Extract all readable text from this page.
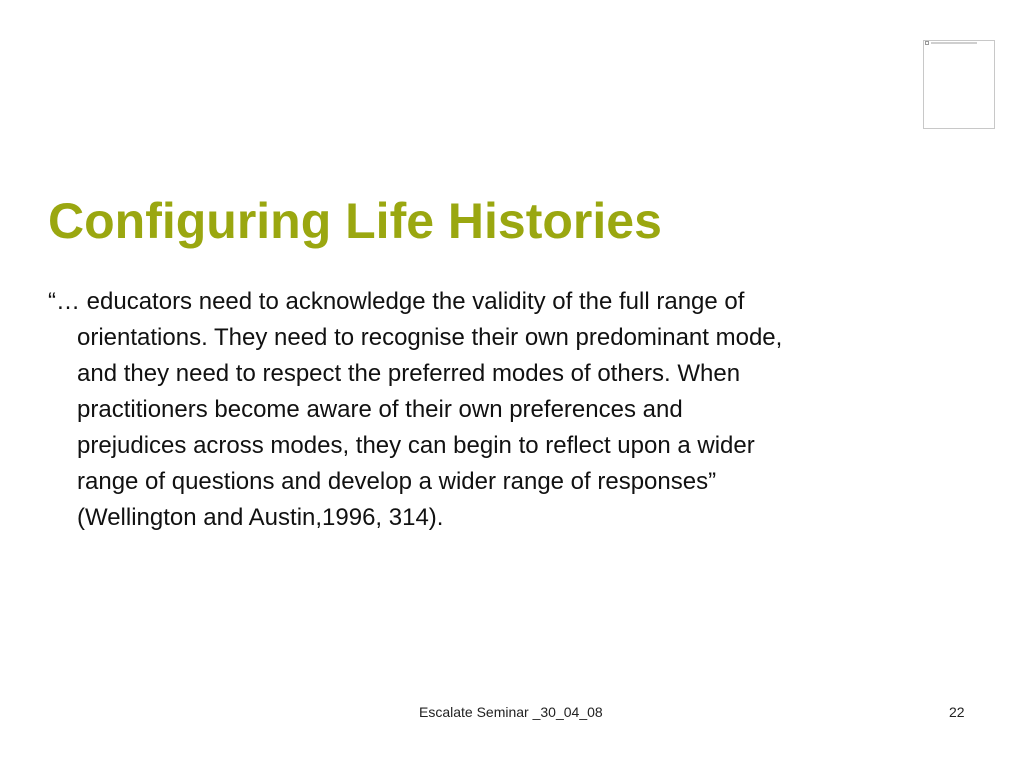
Configuring Life Histories
“… educators need to acknowledge the validity of the full range of
orientations. They need to recognise their own predominant mode,
and they need to respect the preferred modes of others. When
practitioners become aware of their own preferences and
prejudices across modes, they can begin to reflect upon a wider
range of questions and develop a wider range of responses”
(Wellington and Austin,1996, 314).
Escalate Seminar _30_04_08	22
